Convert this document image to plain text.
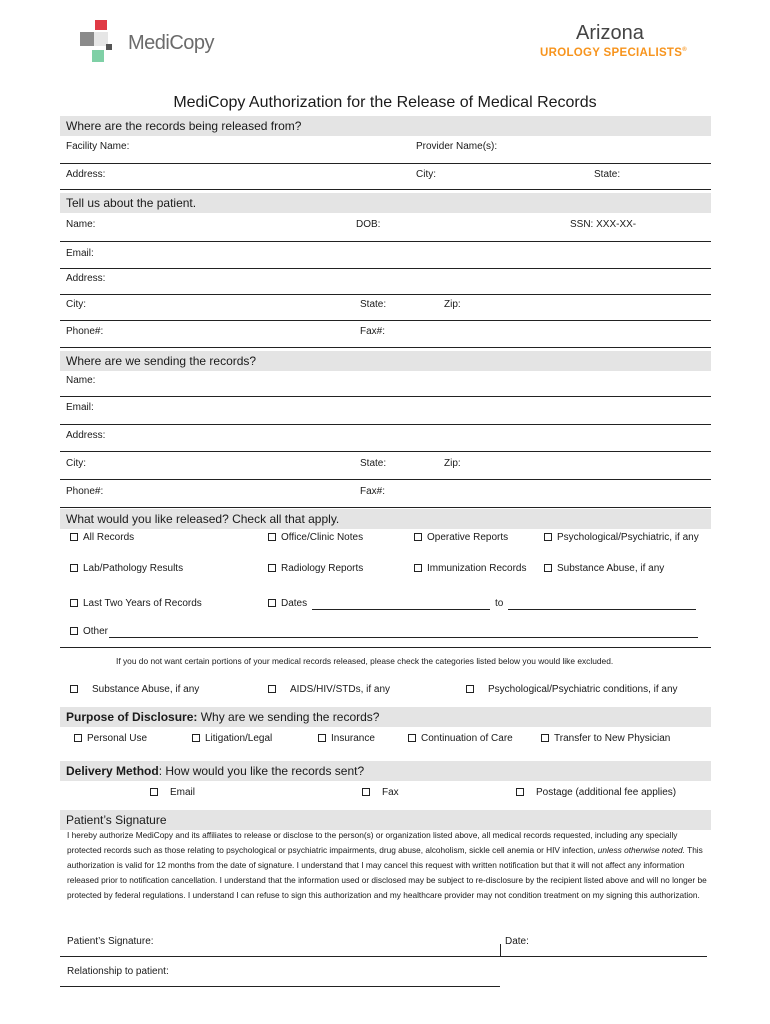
MediCopy	Arizona
UROLOGY SPECIALISTS®
MediCopy Authorization for the Release of Medical Records
Where are the records being released from?
Facility Name:	Provider Name(s):
Address:	City:	State:
Tell us about the patient.
Name:	DOB:	SSN: XXX-XX-
Email:
Address:
City:	State:	Zip:
Phone#:	Fax#:
Where are we sending the records?
Name:
Email:
Address:
City:	State:	Zip:
Phone#:	Fax#:
What would you like released? Check all that apply.
All Records	Office/Clinic Notes	Operative Reports	Psychological/Psychiatric, if any
Lab/Pathology Results	Radiology Reports	Immunization Records	Substance Abuse, if any
Last Two Years of Records	Dates	to
Other
If you do not want certain portions of your medical records released, please check the categories listed below you would like excluded.
Substance Abuse, if any	AIDS/HIV/STDs, if any	Psychological/Psychiatric conditions, if any
Purpose of Disclosure: Why are we sending the records?
Personal Use	Litigation/Legal	Insurance	Continuation of Care	Transfer to New Physician
Delivery Method: How would you like the records sent?
Email	Fax	Postage (additional fee applies)
Patient’s Signature
I hereby authorize MediCopy and its affiliates to release or disclose to the person(s) or organization listed above, all medical records requested, including any specially protected records such as those relating to psychological or psychiatric impairments, drug abuse, alcoholism, sickle cell anemia or HIV infection, unless otherwise noted. This authorization is valid for 12 months from the date of signature. I understand that I may cancel this request with written notification but that it will not affect any information released prior to notification cancellation. I understand that the information used or disclosed may be subject to re-disclosure by the recipient listed above and will no longer be protected by federal regulations. I understand I can refuse to sign this authorization and my healthcare provider may not condition treatment on my signing this authorization.
Patient’s Signature:	Date:
Relationship to patient:
